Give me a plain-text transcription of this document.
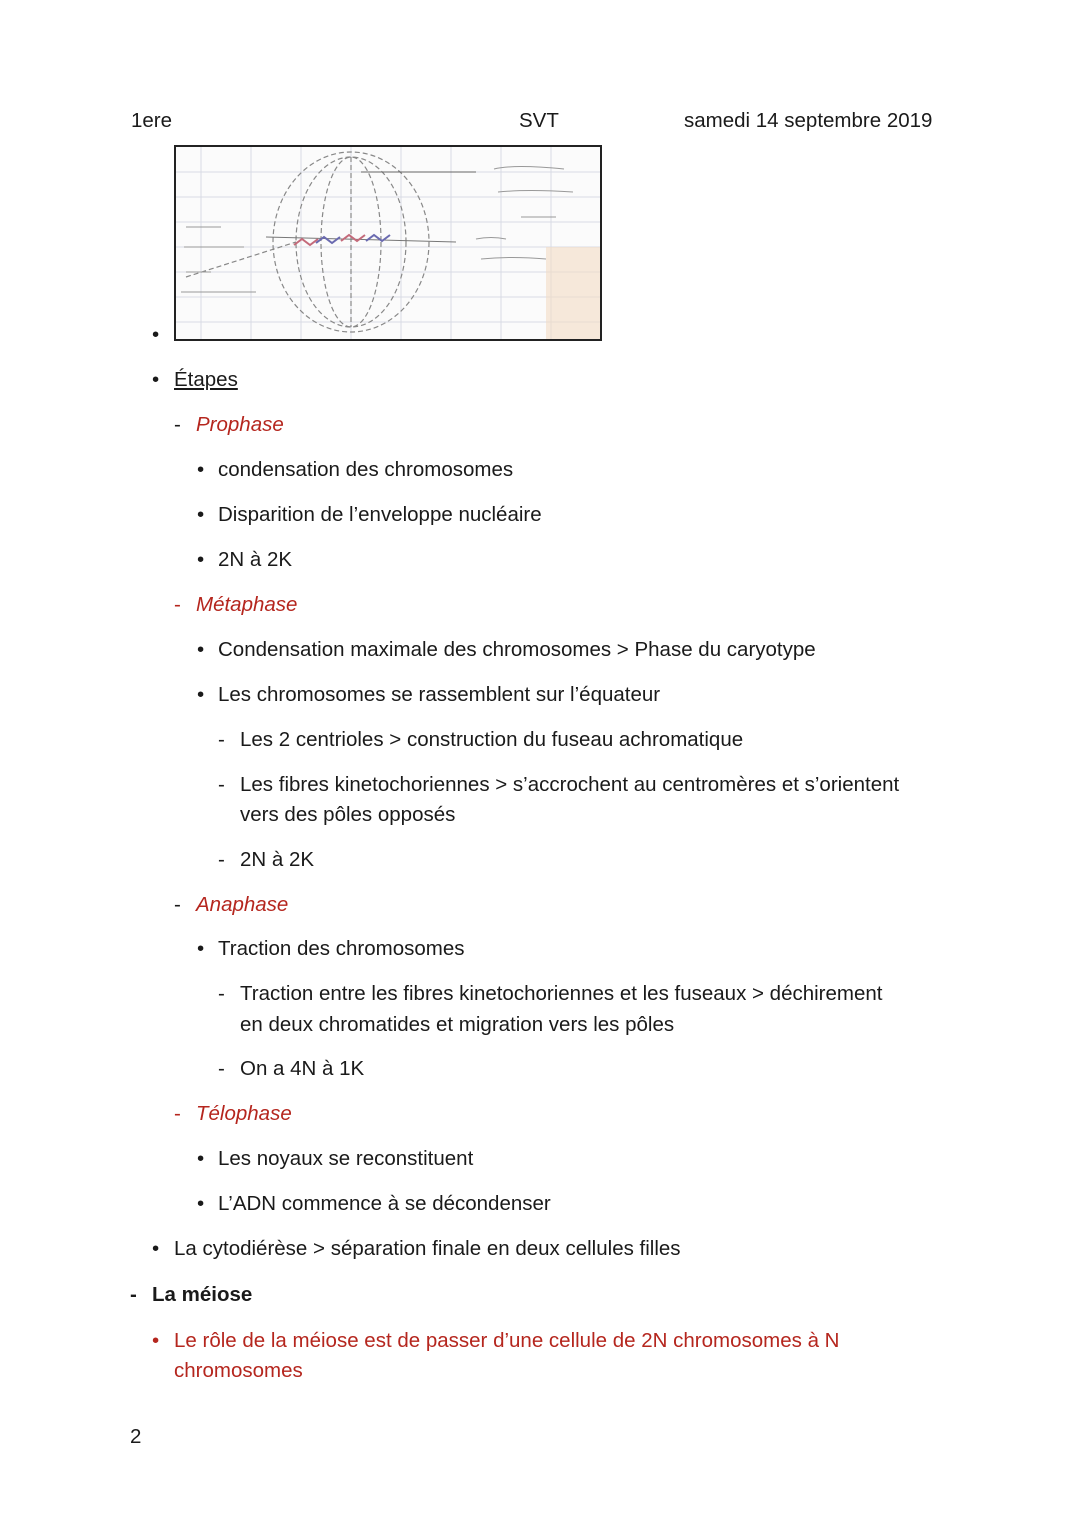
1ere	SVT	samedi 14 septembre 2019
•
• Étapes
- Prophase
• condensation des chromosomes
• Disparition de l’enveloppe nucléaire
• 2N à 2K
- Métaphase
• Condensation maximale des chromosomes > Phase du caryotype
• Les chromosomes se rassemblent sur l’équateur
- Les 2 centrioles > construction du fuseau achromatique
- Les fibres kinetochoriennes > s’accrochent au centromères et s’orientent
vers des pôles opposés
- 2N à 2K
- Anaphase
• Traction des chromosomes
- Traction entre les fibres kinetochoriennes et les fuseaux > déchirement
en deux chromatides et migration vers les pôles
- On a 4N à 1K
- Télophase
• Les noyaux se reconstituent
• L’ADN commence à se décondenser
• La cytodiérèse > séparation finale en deux cellules filles
- La méiose
• Le rôle de la méiose est de passer d’une cellule de 2N chromosomes à N
chromosomes
2
